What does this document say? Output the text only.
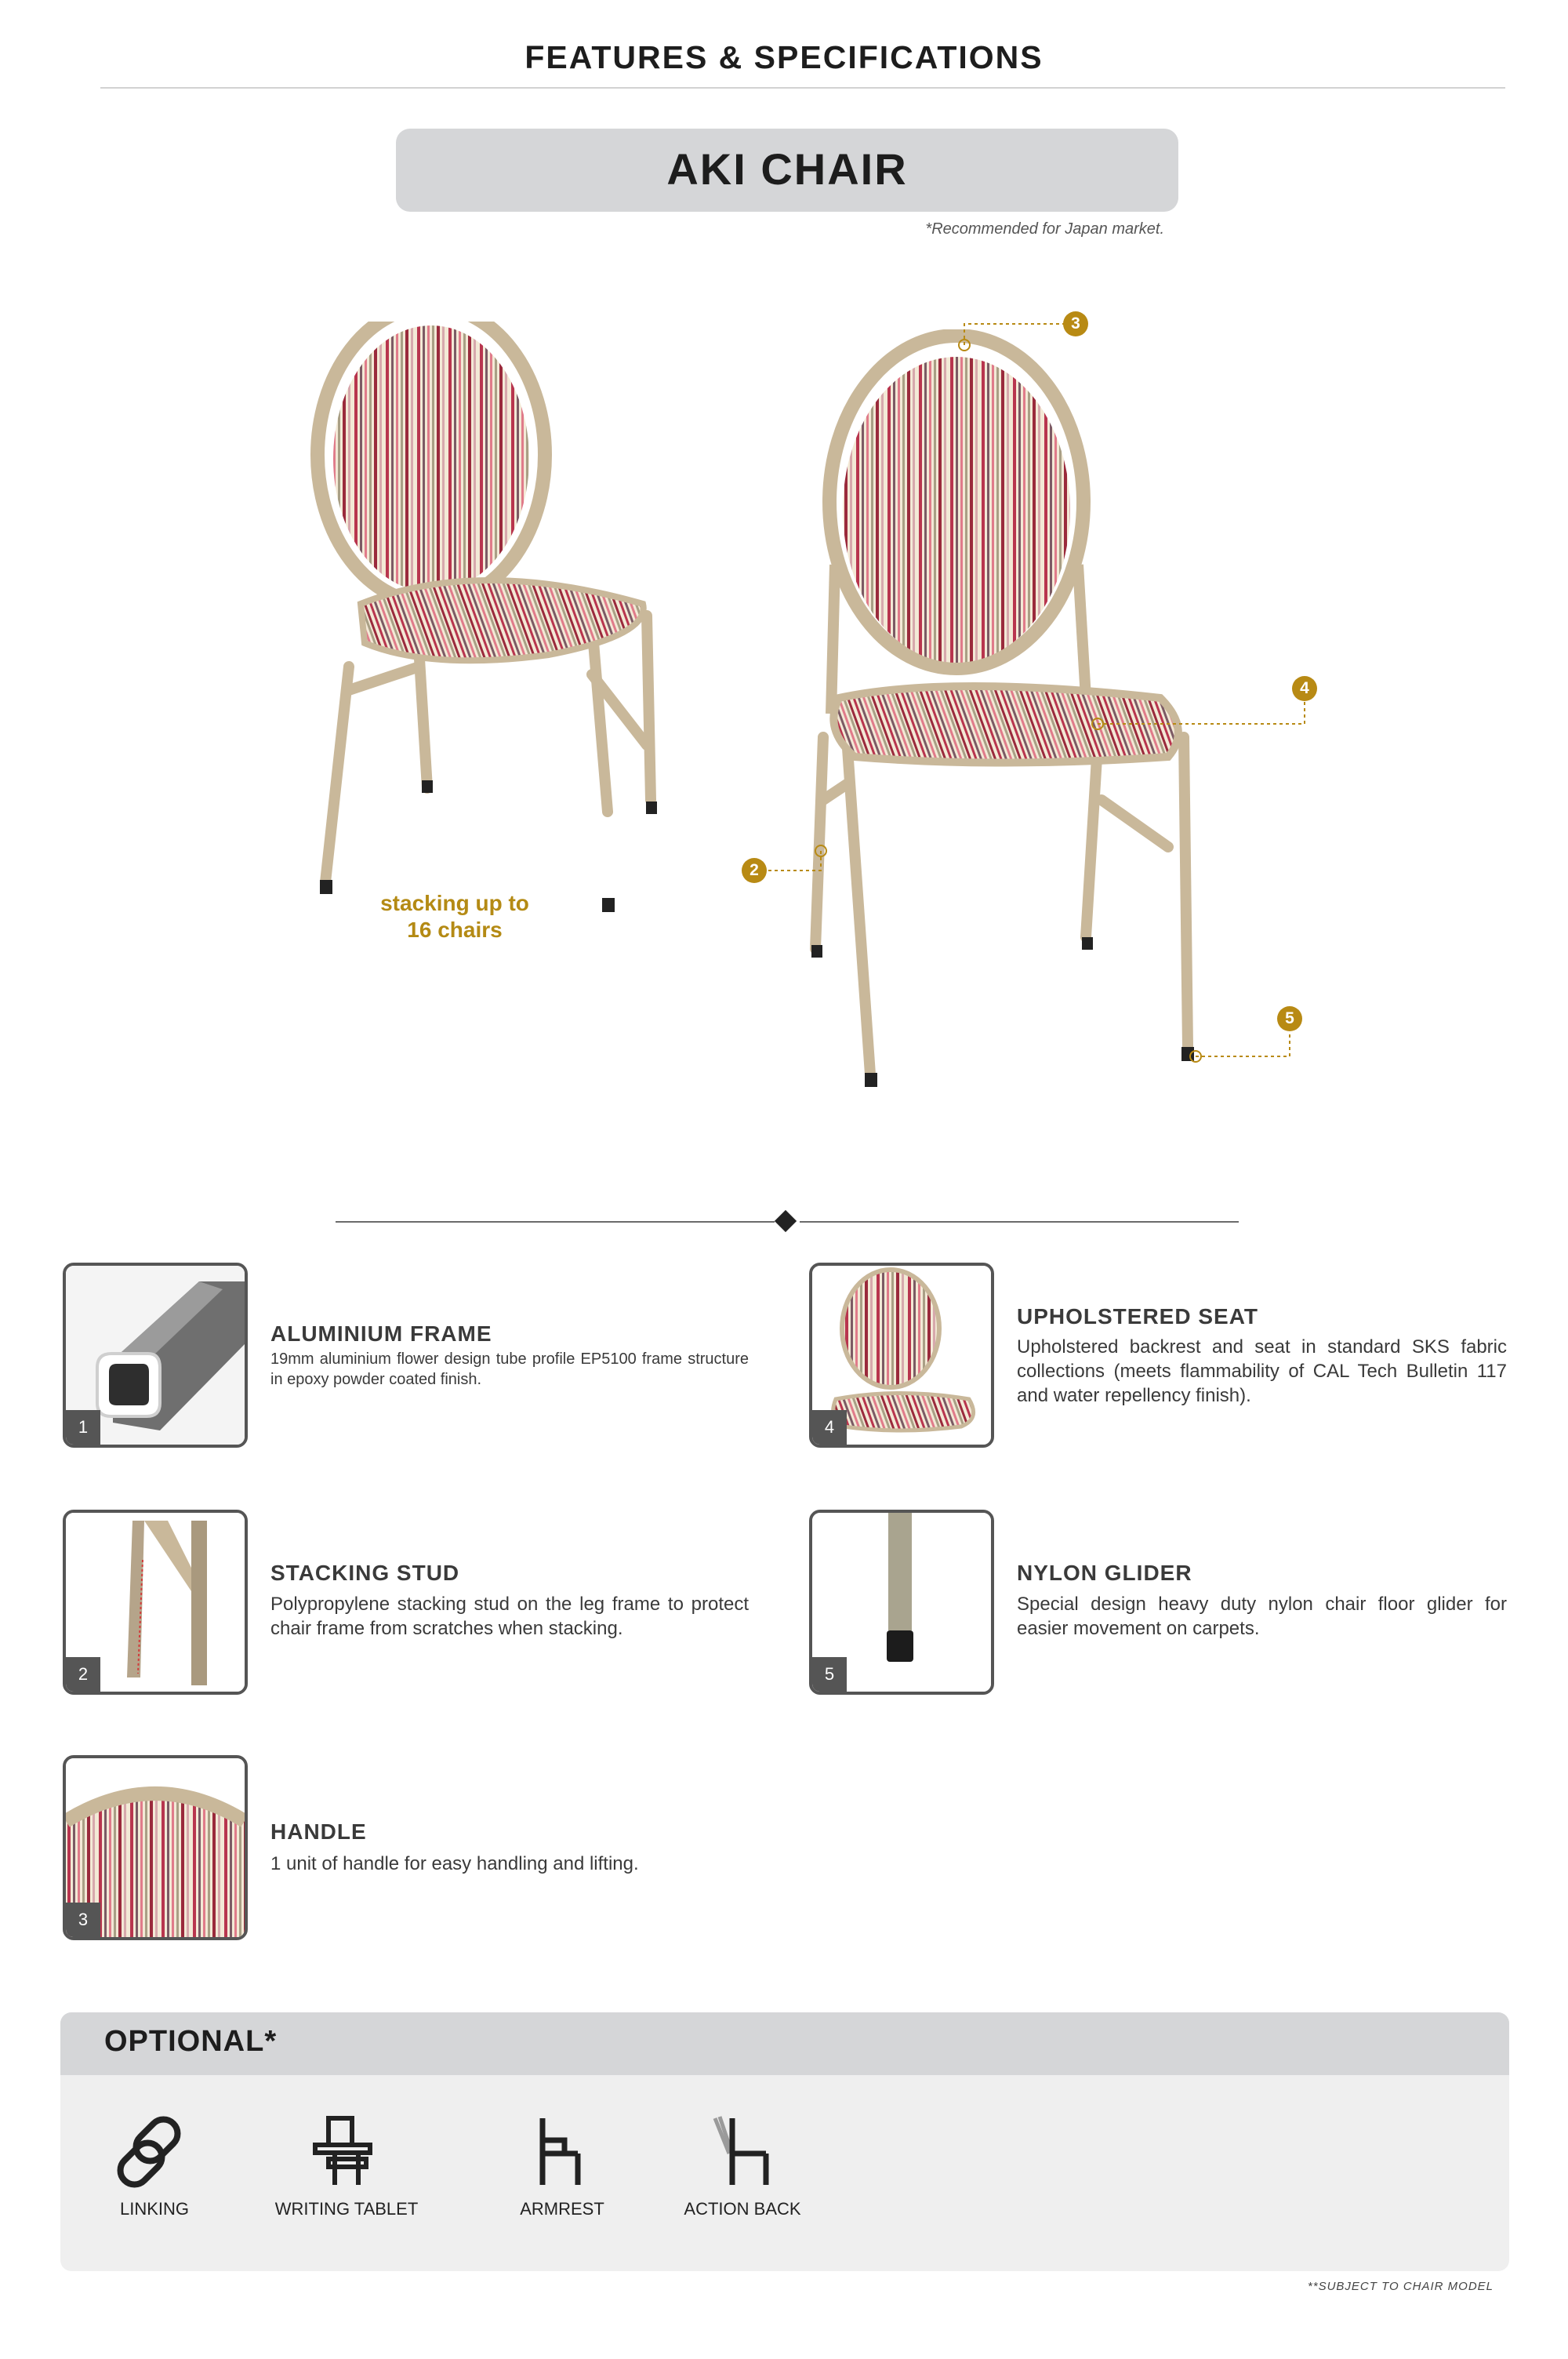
FEATURES & SPECIFICATIONS
AKI CHAIR
*Recommended for Japan market.
stacking up to
16 chairs
2
3
4
5
1
ALUMINIUM FRAME
19mm aluminium flower design tube profile EP5100 frame structure in epoxy powder coated finish.
2
STACKING STUD
Polypropylene stacking stud on the leg frame to protect chair frame from scratches when stacking.
3
HANDLE
1 unit of handle for easy handling and lifting.
4
UPHOLSTERED SEAT
Upholstered backrest and seat in standard SKS fabric collections (meets flammability of CAL Tech Bulletin 117 and water repellency finish).
5
NYLON GLIDER
Special design heavy duty nylon chair floor glider for easier movement on carpets.
OPTIONAL*
LINKING	WRITING TABLET	ARMREST	ACTION BACK
**SUBJECT TO CHAIR MODEL
